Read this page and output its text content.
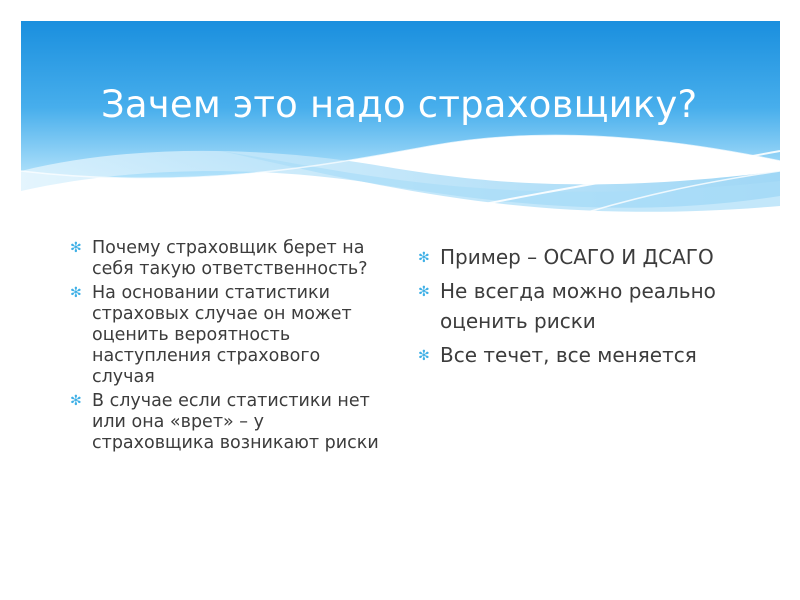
Зачем это надо страховщику?
✻ Почему страховщик берет на себя такую ответственность?
✻ На основании статистики страховых случае он может оценить вероятность наступления страхового случая
✻ В случае если статистики нет или она «врет» – у страховщика возникают риски
✻ Пример – ОСАГО И ДСАГО
✻ Не всегда можно реально оценить риски
✻ Все течет, все меняется
